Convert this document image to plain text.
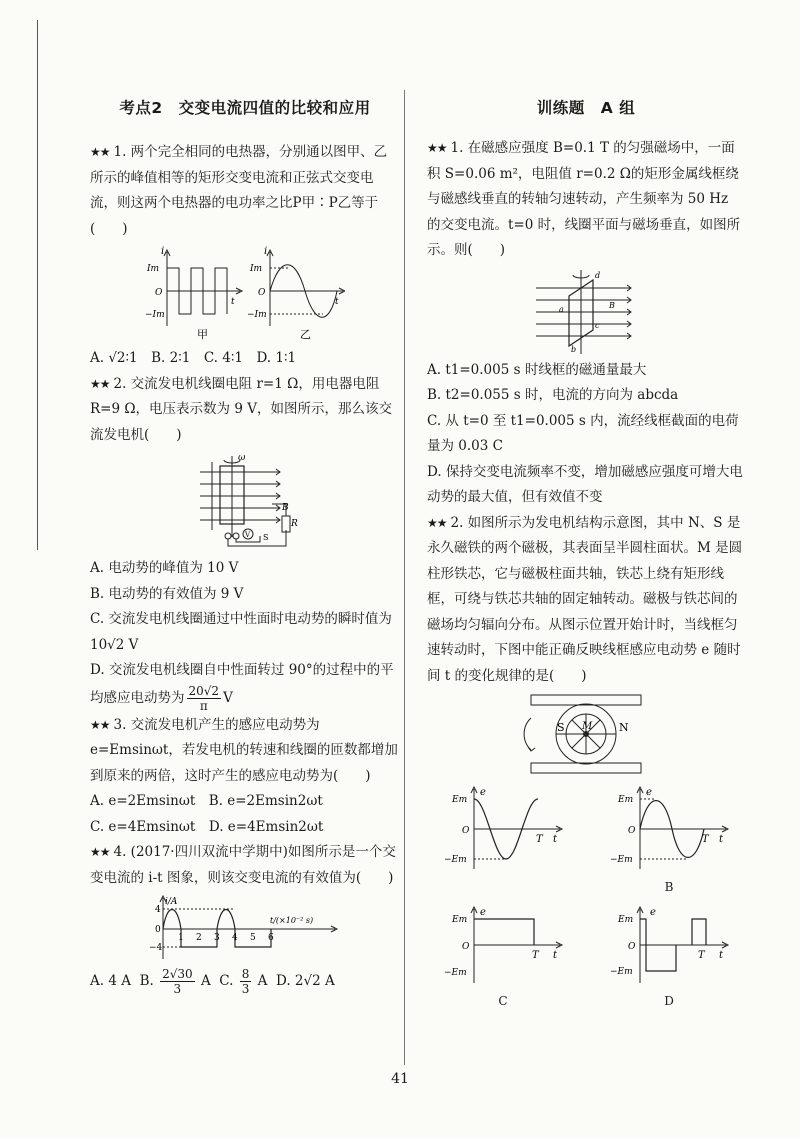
考点2　交变电流四值的比较和应用

★★ 1. 两个完全相同的电热器，分别通以图甲、乙所示的峰值相等的矩形交变电流和正弦式交变电流，则这两个电热器的电功率之比P甲∶P乙等于(　　)

i
Im
O
−Im
t
甲
i
Im
O
−Im
t
乙

A. √2∶1　B. 2∶1　C. 4∶1　D. 1∶1

★★ 2. 交流发电机线圈电阻 r=1 Ω，用电器电阻 R=9 Ω，电压表示数为 9 V，如图所示，那么该交流发电机(　　)

ω
B
V S
R

A. 电动势的峰值为 10 V

B. 电动势的有效值为 9 V

C. 交流发电机线圈通过中性面时电动势的瞬时值为 10√2 V

D. 交流发电机线圈自中性面转过 90°的过程中的平均感应电动势为 $\frac{20√2}{\pi}$ V

★★ 3. 交流发电机产生的感应电动势为 e=Emsinωt，若发电机的转速和线圈的匝数都增加到原来的两倍，这时产生的感应电动势为(　　)

A. e=2Emsinωt　B. e=2Emsin2ωt

C. e=4Emsinωt　D. e=4Emsin2ωt

★★ 4. (2017·四川双流中学期中)如图所示是一个交变电流的 i-t 图象，则该交变电流的有效值为(　　)

i/A
t/(×10⁻² s)
4
0
−4
1 2 3 4 5 6

A. 4 A B. $\frac{2√30}{3}$ A C. $\frac{8}{3}$ A D. 2√2 A

训练题　A 组

★★ 1. 在磁感应强度 B=0.1 T 的匀强磁场中，一面积 S=0.06 m²，电阻值 r=0.2 Ω的矩形金属线框绕与磁感线垂直的转轴匀速转动，产生频率为 50 Hz 的交变电流。t=0 时，线圈平面与磁场垂直，如图所示。则(　　)

a
b
c
d
B

A. t1=0.005 s 时线框的磁通量最大

B. t2=0.055 s 时，电流的方向为 abcda

C. 从 t=0 至 t1=0.005 s 内，流经线框截面的电荷量为 0.03 C

D. 保持交变电流频率不变，增加磁感应强度可增大电动势的最大值，但有效值不变

★★ 2. 如图所示为发电机结构示意图，其中 N、S 是永久磁铁的两个磁极，其表面呈半圆柱面状。M 是圆柱形铁芯，它与磁极柱面共轴，铁芯上绕有矩形线框，可绕与铁芯共轴的固定轴转动。磁极与铁芯间的磁场均匀辐向分布。从图示位置开始计时，当线框匀速转动时，下图中能正确反映线框感应电动势 e 随时间 t 的变化规律的是(　　)

S	N
M
e
Em
O
−Em
T t
e
Em
O
−Em
T t
B
e
Em
O
−Em
T t
C
e
Em
O
−Em
T t
D
41
